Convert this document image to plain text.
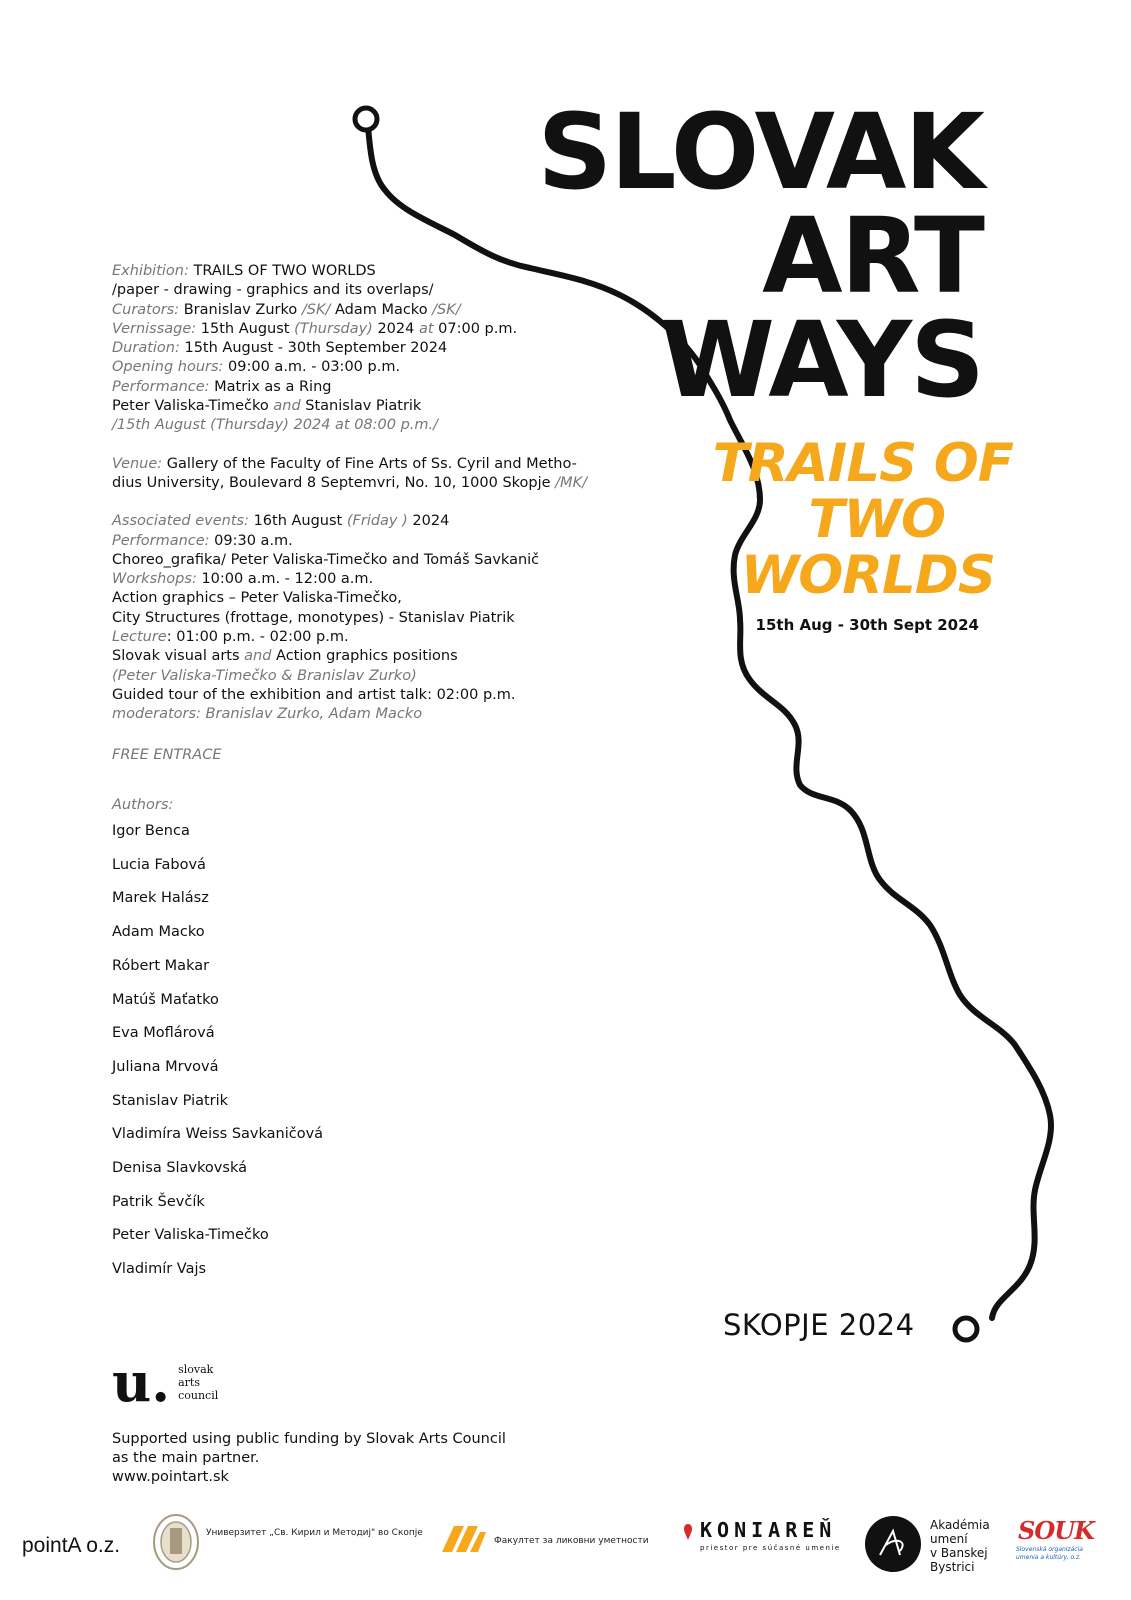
SLOVAK
ART
WAYS
TRAILS OF
TWO
WORLDS
15th Aug - 30th Sept 2024
Exhibition: TRAILS OF TWO WORLDS
/paper - drawing - graphics and its overlaps/
Curators: Branislav Zurko /SK/ Adam Macko /SK/
Vernissage: 15th August (Thursday) 2024 at 07:00 p.m.
Duration: 15th August - 30th September 2024
Opening hours: 09:00 a.m. - 03:00 p.m.
Performance: Matrix as a Ring
Peter Valiska-Timečko and Stanislav Piatrik
/15th August (Thursday) 2024 at 08:00 p.m./
Venue: Gallery of the Faculty of Fine Arts of Ss. Cyril and Metho-
dius University, Boulevard 8 Septemvri, No. 10, 1000 Skopje /MK/
Associated events: 16th August (Friday ) 2024
Performance: 09:30 a.m.
Choreo_grafika/ Peter Valiska-Timečko and Tomáš Savkanič
Workshops: 10:00 a.m. - 12:00 a.m.
Action graphics – Peter Valiska-Timečko,
City Structures (frottage, monotypes) - Stanislav Piatrik
Lecture: 01:00 p.m. - 02:00 p.m.
Slovak visual arts and Action graphics positions
(Peter Valiska-Timečko & Branislav Zurko)
Guided tour of the exhibition and artist talk: 02:00 p.m.
moderators: Branislav Zurko, Adam Macko
FREE ENTRACE
Authors:
Igor Benca
Lucia Fabová
Marek Halász
Adam Macko
Róbert Makar
Matúš Maťatko
Eva Moflárová
Juliana Mrvová
Stanislav Piatrik
Vladimíra Weiss Savkaničová
Denisa Slavkovská
Patrik Ševčík
Peter Valiska-Timečko
Vladimír Vajs
SKOPJE 2024
u . slovak
arts
council
Supported using public funding by Slovak Arts Council
as the main partner.
www.pointart.sk
pointA o.z.
Универзитет „Св. Кирил и Методиј" во Скопје
Факултет за ликовни уметности	KONIAREŇ
priestor pre súčasné umenie
Akadémia
umení
v Banskej
Bystrici
SOUK
Slovenská organizácia
umenia a kultúry, o.z.
